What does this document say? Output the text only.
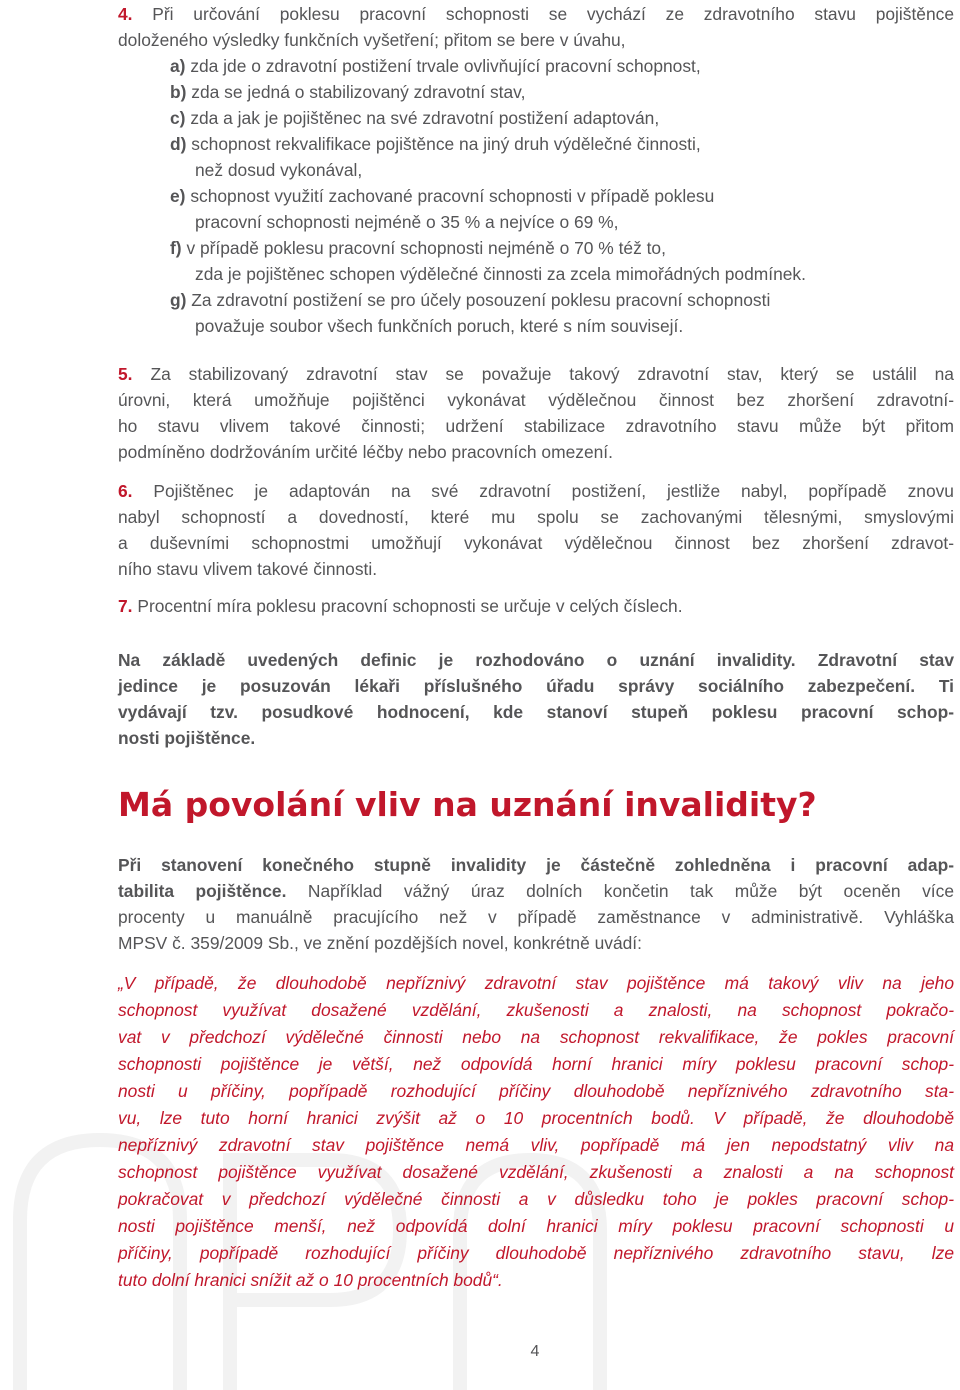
4. Při určování poklesu pracovní schopnosti se vychází ze zdravotního stavu pojištěnce
doloženého výsledky funkčních vyšetření; přitom se bere v úvahu,

a) zda jde o zdravotní postižení trvale ovlivňující pracovní schopnost,

b) zda se jedná o stabilizovaný zdravotní stav,

c) zda a jak je pojištěnec na své zdravotní postižení adaptován,

d) schopnost rekvalifikace pojištěnce na jiný druh výdělečné činnosti,

než dosud vykonával,

e) schopnost využití zachované pracovní schopnosti v případě poklesu

pracovní schopnosti nejméně o 35 % a nejvíce o 69 %,

f) v případě poklesu pracovní schopnosti nejméně o 70 % též to,

zda je pojištěnec schopen výdělečné činnosti za zcela mimořádných podmínek.

g) Za zdravotní postižení se pro účely posouzení poklesu pracovní schopnosti

považuje soubor všech funkčních poruch, které s ním souvisejí.

5. Za stabilizovaný zdravotní stav se považuje takový zdravotní stav, který se ustálil na
úrovni, která umožňuje pojištěnci vykonávat výdělečnou činnost bez zhoršení zdravotní-
ho stavu vlivem takové činnosti; udržení stabilizace zdravotního stavu může být přitom
podmíněno dodržováním určité léčby nebo pracovních omezení.

6. Pojištěnec je adaptován na své zdravotní postižení, jestliže nabyl, popřípadě znovu
nabyl schopností a dovedností, které mu spolu se zachovanými tělesnými, smyslovými
a duševními schopnostmi umožňují vykonávat výdělečnou činnost bez zhoršení zdravot-
ního stavu vlivem takové činnosti.

7. Procentní míra poklesu pracovní schopnosti se určuje v celých číslech.

Na základě uvedených definic je rozhodováno o uznání invalidity. Zdravotní stav
jedince je posuzován lékaři příslušného úřadu správy sociálního zabezpečení. Ti
vydávají tzv. posudkové hodnocení, kde stanoví stupeň poklesu pracovní schop-
nosti pojištěnce.

Má povolání vliv na uznání invalidity?

Při stanovení konečného stupně invalidity je částečně zohledněna i pracovní adap-
tabilita pojištěnce. Například vážný úraz dolních končetin tak může být oceněn více
procenty u manuálně pracujícího než v případě zaměstnance v administrativě. Vyhláška
MPSV č. 359/2009 Sb., ve znění pozdějších novel, konkrétně uvádí:

„V případě, že dlouhodobě nepříznivý zdravotní stav pojištěnce má takový vliv na jeho
schopnost využívat dosažené vzdělání, zkušenosti a znalosti, na schopnost pokračo-
vat v předchozí výdělečné činnosti nebo na schopnost rekvalifikace, že pokles pracovní
schopnosti pojištěnce je větší, než odpovídá horní hranici míry poklesu pracovní schop-
nosti u příčiny, popřípadě rozhodující příčiny dlouhodobě nepříznivého zdravotního sta-
vu, lze tuto horní hranici zvýšit až o 10 procentních bodů. V případě, že dlouhodobě
nepříznivý zdravotní stav pojištěnce nemá vliv, popřípadě má jen nepodstatný vliv na
schopnost pojištěnce využívat dosažené vzdělání, zkušenosti a znalosti a na schopnost
pokračovat v předchozí výdělečné činnosti a v důsledku toho je pokles pracovní schop-
nosti pojištěnce menší, než odpovídá dolní hranici míry poklesu pracovní schopnosti u
příčiny, popřípadě rozhodující příčiny dlouhodobě nepříznivého zdravotního stavu, lze
tuto dolní hranici snížit až o 10 procentních bodů“.

4
